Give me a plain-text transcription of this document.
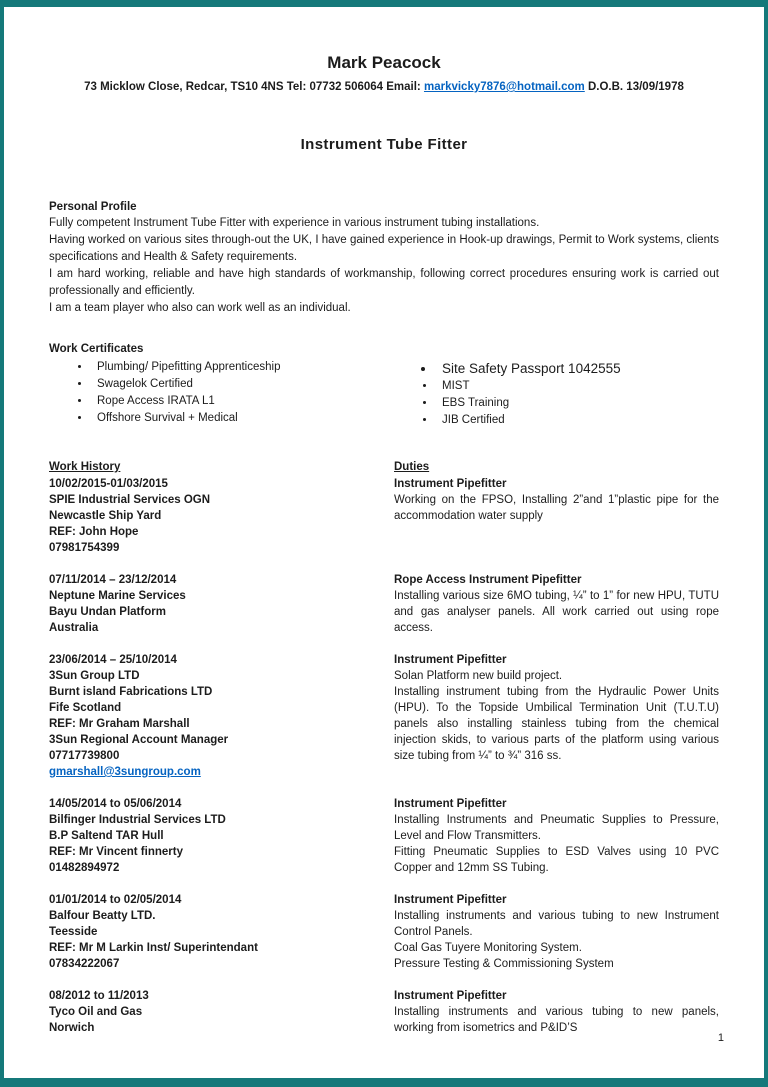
Mark Peacock

73 Micklow Close, Redcar, TS10 4NS Tel: 07732 506064 Email: markvicky7876@hotmail.com D.O.B. 13/09/1978

Instrument Tube Fitter
Personal Profile

Fully competent Instrument Tube Fitter with experience in various instrument tubing installations.

Having worked on various sites through-out the UK, I have gained experience in Hook-up drawings, Permit to Work systems, clients specifications and Health & Safety requirements.

I am hard working, reliable and have high standards of workmanship, following correct procedures ensuring work is carried out professionally and efficiently.

I am a team player who also can work well as an individual.

Work Certificates
• Plumbing/ Pipefitting Apprenticeship
• Swagelok Certified
• Rope Access IRATA L1
• Offshore Survival + Medical
• Site Safety Passport 1042555
• MIST
• EBS Training
• JIB Certified
Work History	Duties
10/02/2015-01/03/2015
SPIE Industrial Services OGN
Newcastle Ship Yard
REF: John Hope
07981754399
Instrument Pipefitter

Working on the FPSO, Installing 2”and 1”plastic pipe for the accommodation water supply

07/11/2014 – 23/12/2014
Neptune Marine Services
Bayu Undan Platform
Australia
Rope Access Instrument Pipefitter

Installing various size 6MO tubing, ¼” to 1” for new HPU, TUTU and gas analyser panels. All work carried out using rope access.

23/06/2014 – 25/10/2014
3Sun Group LTD
Burnt island Fabrications LTD
Fife Scotland
REF: Mr Graham Marshall
3Sun Regional Account Manager
07717739800
gmarshall@3sungroup.com
Instrument Pipefitter

Solan Platform new build project.

Installing instrument tubing from the Hydraulic Power Units (HPU). To the Topside Umbilical Termination Unit (T.U.T.U) panels also installing stainless tubing from the chemical injection skids, to various parts of the platform using various size tubing from ¼” to ¾” 316 ss.

14/05/2014 to 05/06/2014
Bilfinger Industrial Services LTD
B.P Saltend TAR Hull
REF: Mr Vincent finnerty
01482894972
Instrument Pipefitter

Installing Instruments and Pneumatic Supplies to Pressure, Level and Flow Transmitters.

Fitting Pneumatic Supplies to ESD Valves using 10 PVC Copper and 12mm SS Tubing.

01/01/2014 to 02/05/2014
Balfour Beatty LTD.
Teesside
REF: Mr M Larkin Inst/ Superintendant
07834222067
Instrument Pipefitter

Installing instruments and various tubing to new Instrument Control Panels.

Coal Gas Tuyere Monitoring System.

Pressure Testing & Commissioning System

08/2012 to 11/2013
Tyco Oil and Gas
Norwich
Instrument Pipefitter

Installing instruments and various tubing to new panels, working from isometrics and P&ID’S

1
